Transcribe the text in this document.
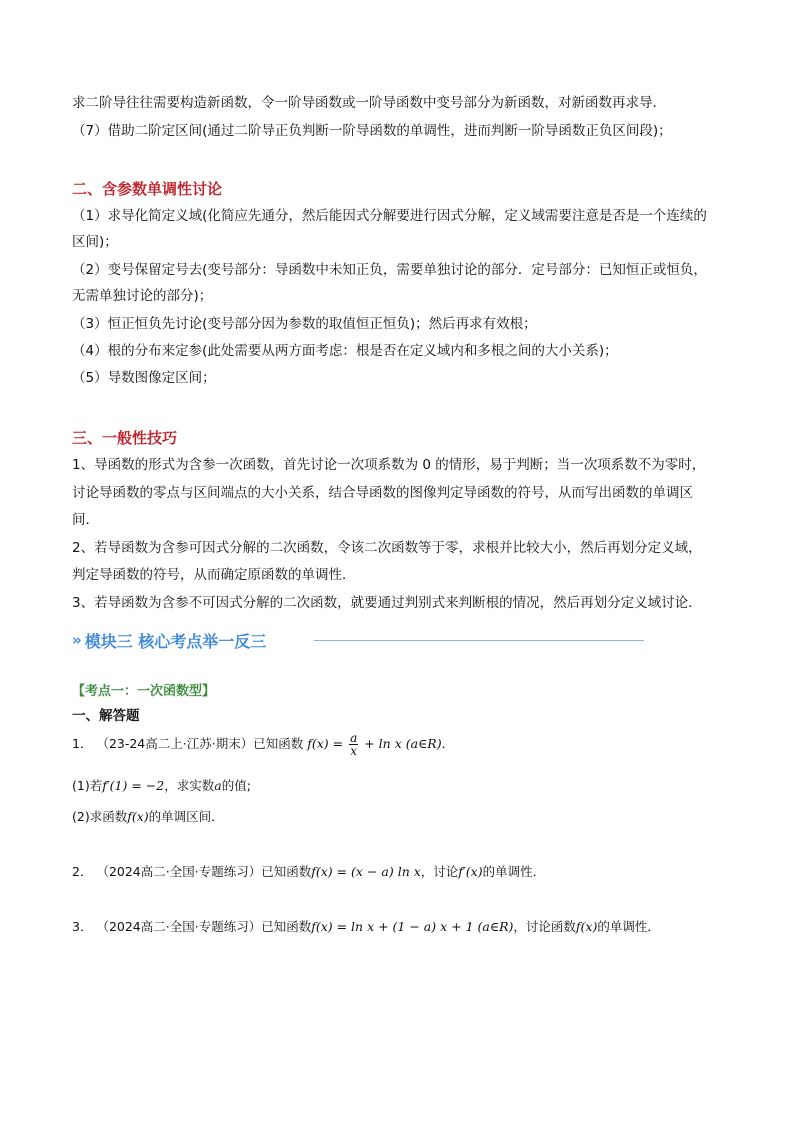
求二阶导往往需要构造新函数，令一阶导函数或一阶导函数中变号部分为新函数，对新函数再求导．
（7）借助二阶定区间(通过二阶导正负判断一阶导函数的单调性，进而判断一阶导函数正负区间段)；
二、含参数单调性讨论
（1）求导化简定义域(化简应先通分，然后能因式分解要进行因式分解，定义域需要注意是否是一个连续的
区间)；
（2）变号保留定号去(变号部分：导函数中未知正负，需要单独讨论的部分．定号部分：已知恒正或恒负，
无需单独讨论的部分)；
（3）恒正恒负先讨论(变号部分因为参数的取值恒正恒负)；然后再求有效根；
（4）根的分布来定参(此处需要从两方面考虑：根是否在定义域内和多根之间的大小关系)；
（5）导数图像定区间；
三、一般性技巧
1、导函数的形式为含参一次函数，首先讨论一次项系数为 0 的情形，易于判断；当一次项系数不为零时，
讨论导函数的零点与区间端点的大小关系，结合导函数的图像判定导函数的符号，从而写出函数的单调区
间．
2、若导函数为含参可因式分解的二次函数，令该二次函数等于零，求根并比较大小，然后再划分定义域，
判定导函数的符号，从而确定原函数的单调性．
3、若导函数为含参不可因式分解的二次函数，就要通过判别式来判断根的情况，然后再划分定义域讨论．
» 模块三 核心考点举一反三
【考点一：一次函数型】
一、解答题
1． （23-24高二上·江苏·期末）已知函数 $f(x) = \frac{a}{x} + \ln x$ (a∈R)．
(1)若f′(1) = −2，求实数a的值;
(2)求函数f(x)的单调区间．
2． （2024高二·全国·专题练习）已知函数f(x) = (x − a) ln x，讨论f′(x)的单调性．
3． （2024高二·全国·专题练习）已知函数f(x) = ln x + (1 − a) x + 1 (a∈R)，讨论函数f(x)的单调性．
